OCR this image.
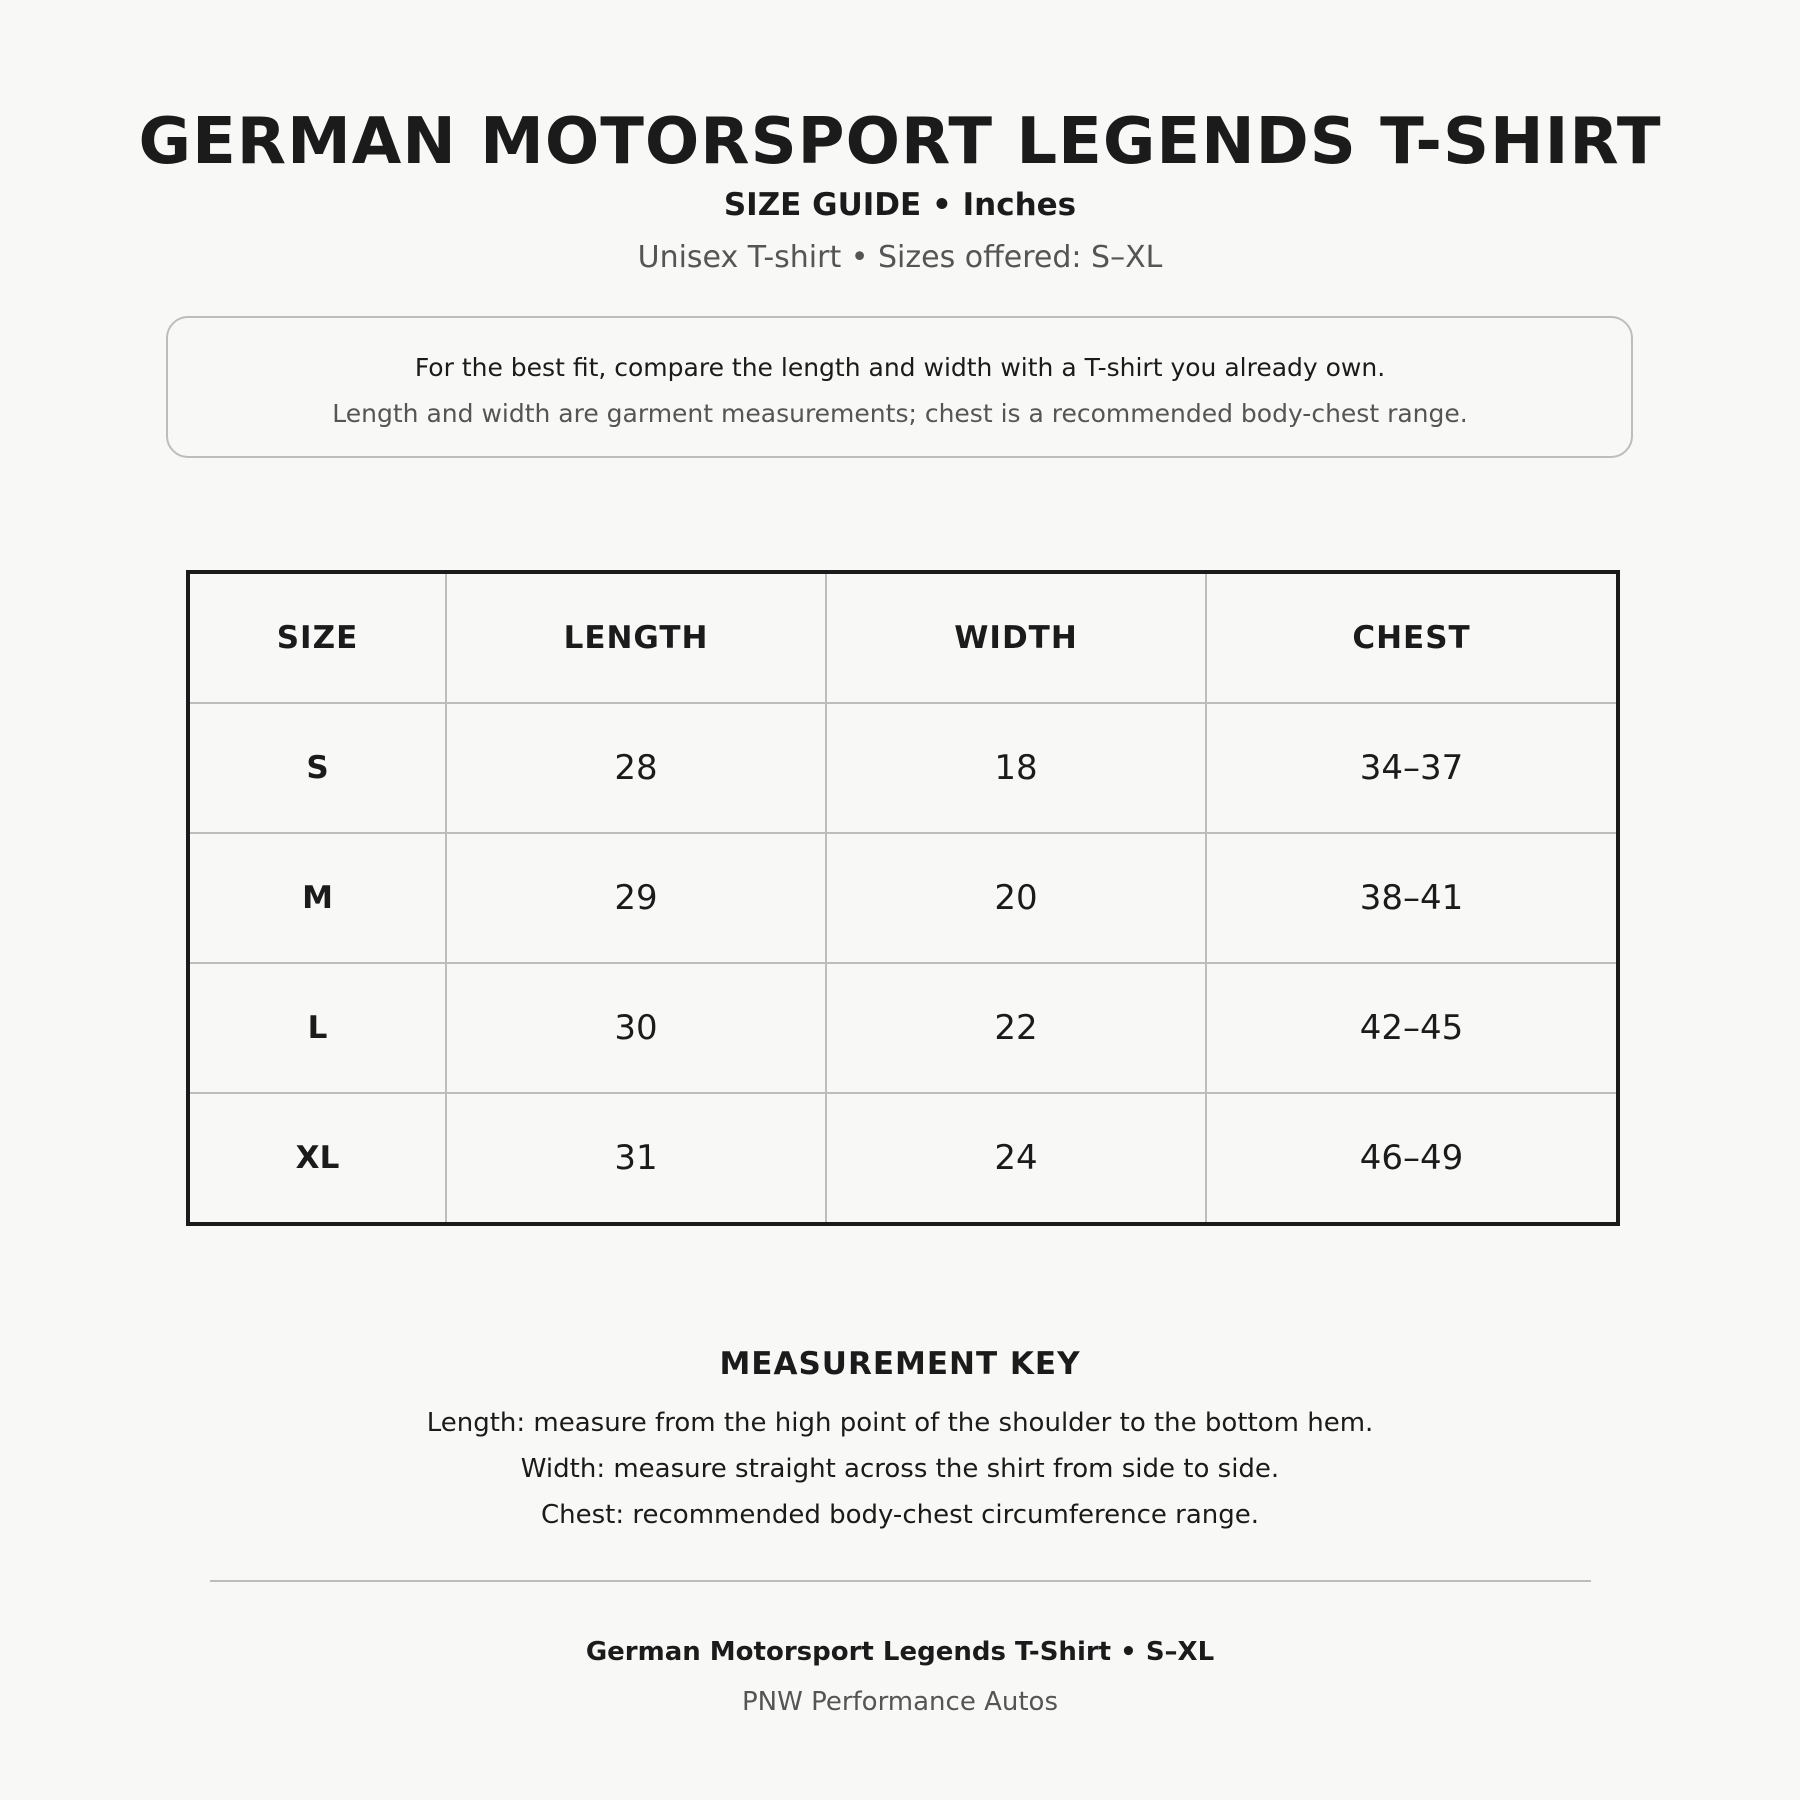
GERMAN MOTORSPORT LEGENDS T-SHIRT
SIZE GUIDE • Inches
Unisex T-shirt • Sizes offered: S–XL
For the best fit, compare the length and width with a T-shirt you already own.
Length and width are garment measurements; chest is a recommended body-chest range.
SIZE	LENGTH	WIDTH	CHEST
S	28	18	34–37
M	29	20	38–41
L	30	22	42–45
XL	31	24	46–49
MEASUREMENT KEY
Length: measure from the high point of the shoulder to the bottom hem.
Width: measure straight across the shirt from side to side.
Chest: recommended body-chest circumference range.
German Motorsport Legends T-Shirt • S–XL
PNW Performance Autos
